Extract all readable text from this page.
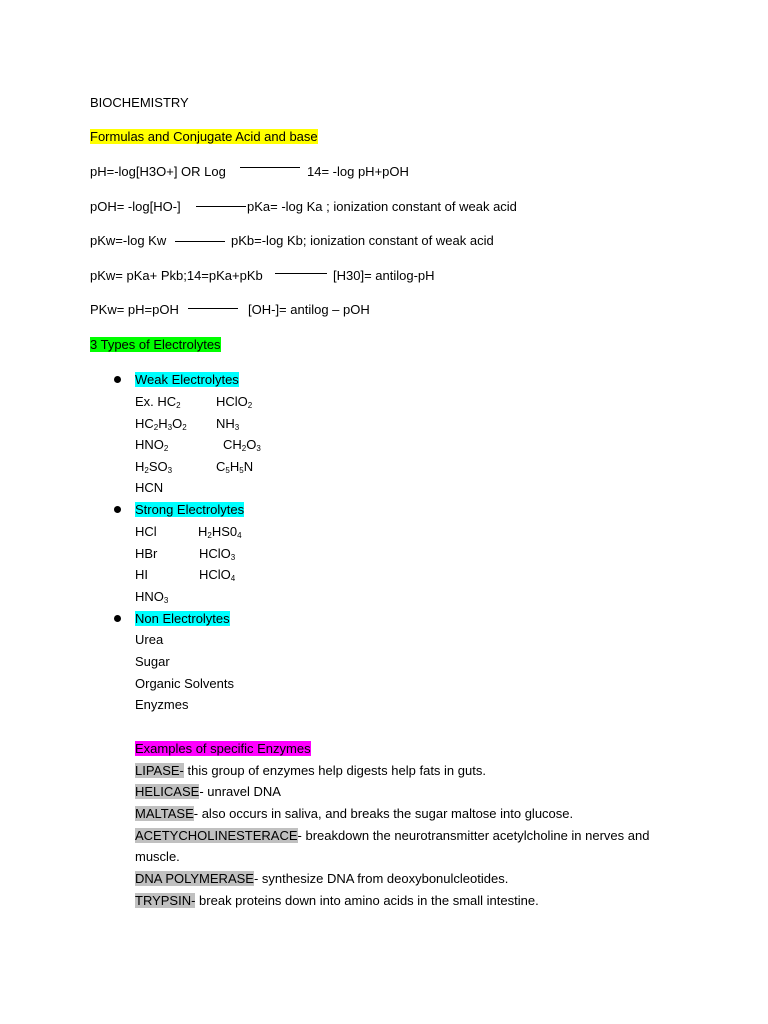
BIOCHEMISTRY
Formulas and Conjugate Acid and base
pH=-log[H3O+] OR Log	14= -log pH+pOH
pOH= -log[HO-]	pKa= -log Ka ; ionization constant of weak acid
pKw=-log Kw	pKb=-log Kb; ionization constant of weak acid
pKw= pKa+ Pkb;14=pKa+pKb	[H30]= antilog-pH
PKw= pH=pOH	[OH-]= antilog – pOH
3 Types of Electrolytes
Weak Electrolytes
Ex. $HC_2$	HClO$_2$
$HC_2H_3O_2$ $NH_3$
$HNO_2$	$CH_2O_3$
$H_2SO_3$	$C_5H_5N$
HCN
Strong Electrolytes
HCl	$H_2HS0_4$
HBr	HClO$_3$
HI	HClO$_4$
$HNO_3$
Non Electrolytes
Urea
Sugar
Organic Solvents
Enyzmes
Examples of specific Enzymes
LIPASE- this group of enzymes help digests help fats in guts.
HELICASE- unravel DNA
MALTASE- also occurs in saliva, and breaks the sugar maltose into glucose.
ACETYCHOLINESTERACE- breakdown the neurotransmitter acetylcholine in nerves and
muscle.
DNA POLYMERASE- synthesize DNA from deoxybonulcleotides.
TRYPSIN- break proteins down into amino acids in the small intestine.
